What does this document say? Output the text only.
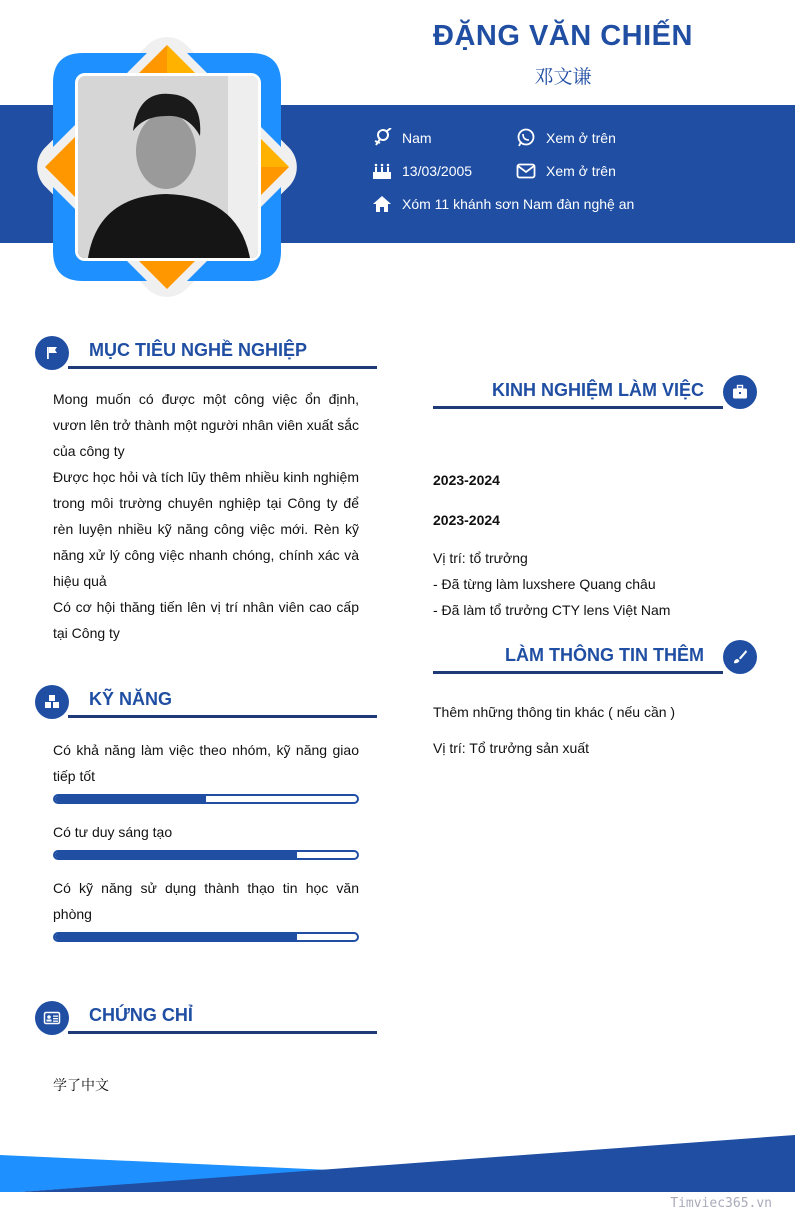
ĐẶNG VĂN CHIẾN
邓文谦
Nam	Xem ở trên
13/03/2005	Xem ở trên
Xóm 11 khánh sơn Nam đàn nghệ an
MỤC TIÊU NGHỀ NGHIỆP
Mong muốn có được một công việc ổn định, vươn lên trở thành một người nhân viên xuất sắc của công ty
Được học hỏi và tích lũy thêm nhiều kinh nghiệm trong môi trường chuyên nghiệp tại Công ty để rèn luyện nhiều kỹ năng công việc mới. Rèn kỹ năng xử lý công việc nhanh chóng, chính xác và hiệu quả
Có cơ hội thăng tiến lên vị trí nhân viên cao cấp tại Công ty
KỸ NĂNG
Có khả năng làm việc theo nhóm, kỹ năng giao tiếp tốt
Có tư duy sáng tạo
Có kỹ năng sử dụng thành thạo tin học văn phòng
CHỨNG CHỈ
学了中文
KINH NGHIỆM LÀM VIỆC
2023-2024
2023-2024
Vị trí: tổ trưởng
- Đã từng làm luxshere Quang châu
- Đã làm tổ trưởng CTY lens Việt Nam
LÀM THÔNG TIN THÊM
Thêm những thông tin khác ( nếu cần )
Vị trí: Tổ trưởng sản xuất
Timviec365.vn
